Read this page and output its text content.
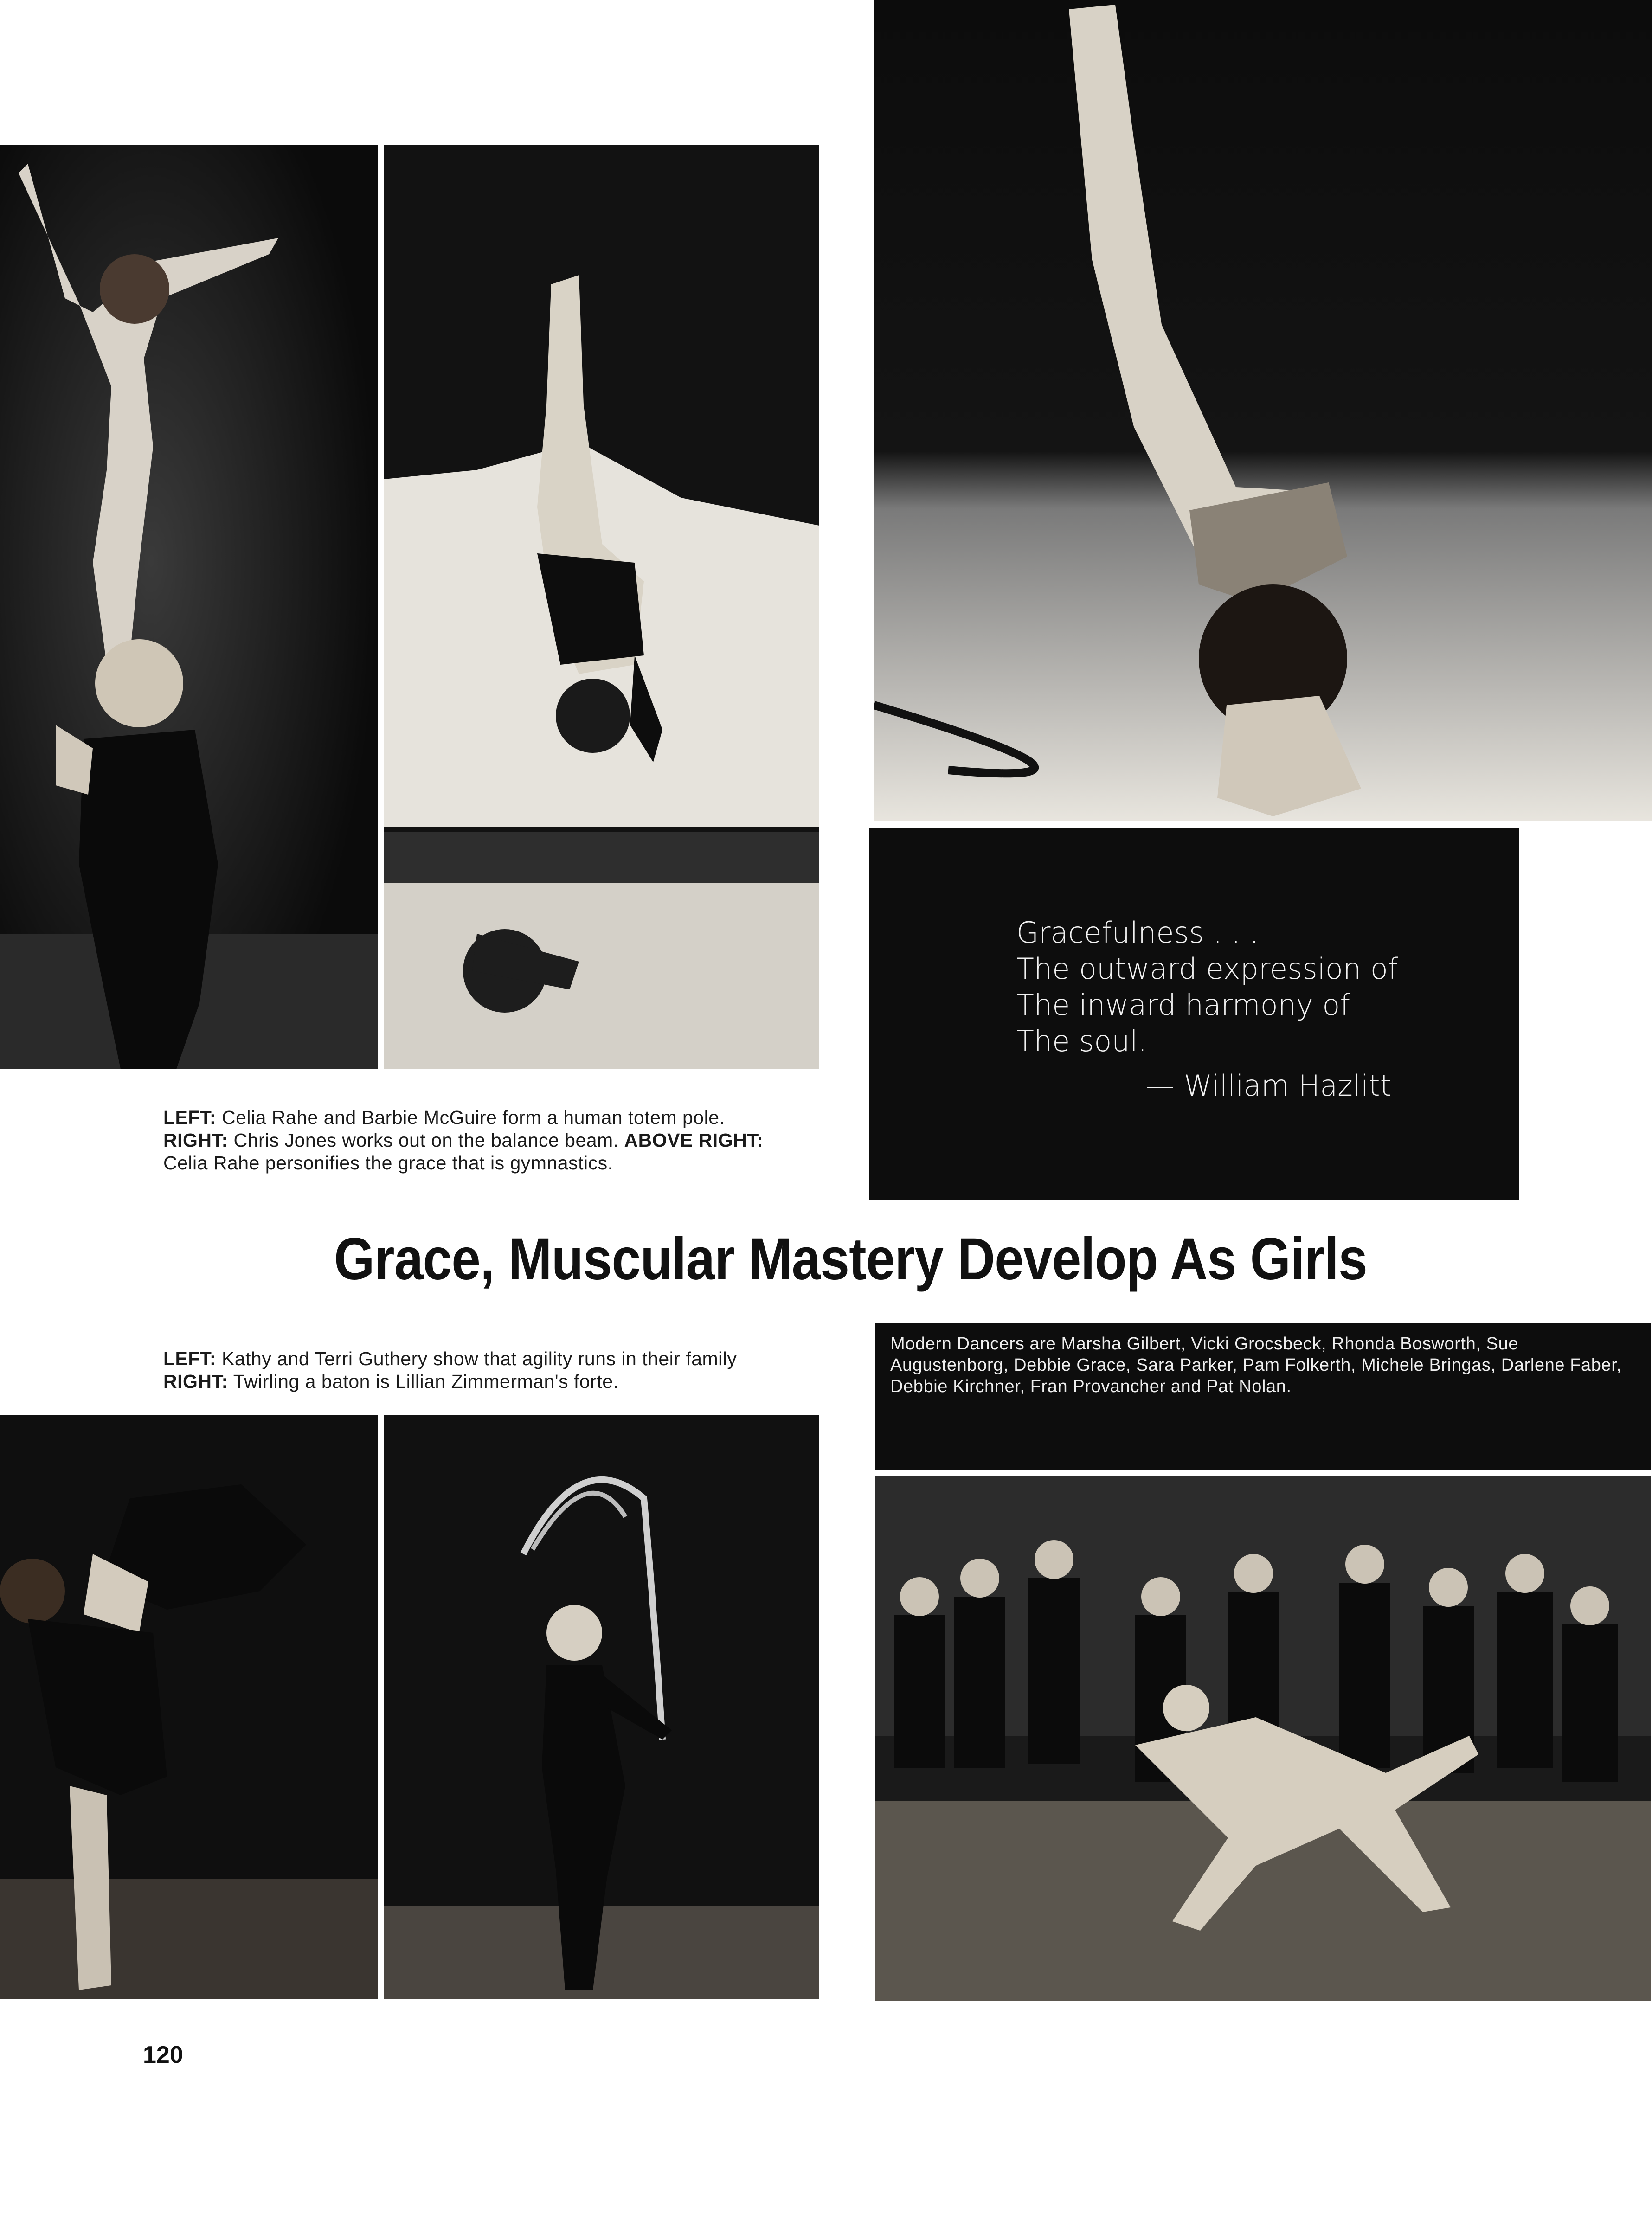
Gracefulness . . .
The outward expression of
The inward harmony of
The soul.
— William Hazlitt
LEFT: Celia Rahe and Barbie McGuire form a human totem pole.
RIGHT: Chris Jones works out on the balance beam. ABOVE RIGHT:
Celia Rahe personifies the grace that is gymnastics.
Grace, Muscular Mastery Develop As Girls
LEFT: Kathy and Terri Guthery show that agility runs in their family
RIGHT: Twirling a baton is Lillian Zimmerman's forte.
Modern Dancers are Marsha Gilbert, Vicki Grocsbeck, Rhonda Bosworth, Sue Augustenborg, Debbie Grace, Sara Parker, Pam Folkerth, Michele Bringas, Darlene Faber, Debbie Kirchner, Fran Provancher and Pat Nolan.
120
